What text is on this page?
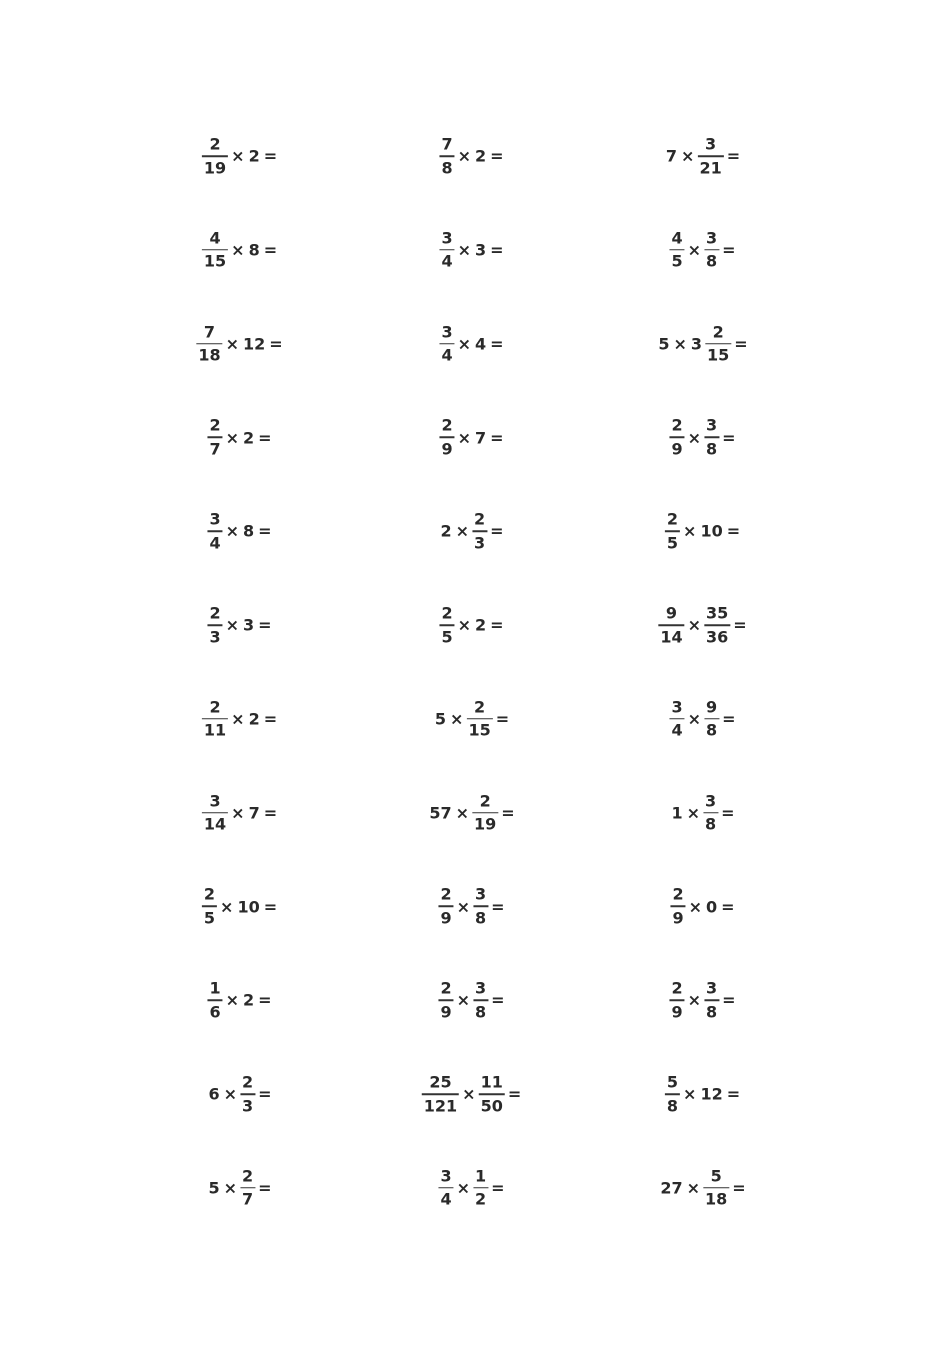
$\frac{2}{19} \times 2$ =	$\frac{7}{8} \times 2$ =	$7 \times \frac{3}{21}$ =
$\frac{4}{15} \times 8$ =	$\frac{3}{4} \times 3$ =	$\frac{4}{5} \times \frac{3}{8}$ =
$\frac{7}{18} \times 12$ =	$\frac{3}{4} \times 4$ =	$5 \times 3 \frac{2}{15}$ =
$\frac{2}{7} \times 2$ =	$\frac{2}{9} \times 7$ =	$\frac{2}{9} \times \frac{3}{8}$ =
$\frac{3}{4} \times 8$ =	$2 \times \frac{2}{3}$ =	$\frac{2}{5} \times 10$ =
$\frac{2}{3} \times 3$ =	$\frac{2}{5} \times 2$ =	$\frac{9}{14} \times \frac{35}{36}$ =
$\frac{2}{11} \times 2$ =	$5 \times \frac{2}{15}$ =	$\frac{3}{4} \times \frac{9}{8}$ =
$\frac{3}{14} \times 7$ =	$57 \times \frac{2}{19}$ =	$1 \times \frac{3}{8}$ =
$\frac{2}{5} \times 10$ =	$\frac{2}{9} \times \frac{3}{8}$ =	$\frac{2}{9} \times 0$ =
$\frac{1}{6} \times 2$ =	$\frac{2}{9} \times \frac{3}{8}$ =	$\frac{2}{9} \times \frac{3}{8}$ =
$6 \times \frac{2}{3}$ =	$\frac{25}{121} \times \frac{11}{50}$ =	$\frac{5}{8} \times 12$ =
$5 \times \frac{2}{7}$ =	$\frac{3}{4} \times \frac{1}{2}$ =	$27 \times \frac{5}{18}$ =
